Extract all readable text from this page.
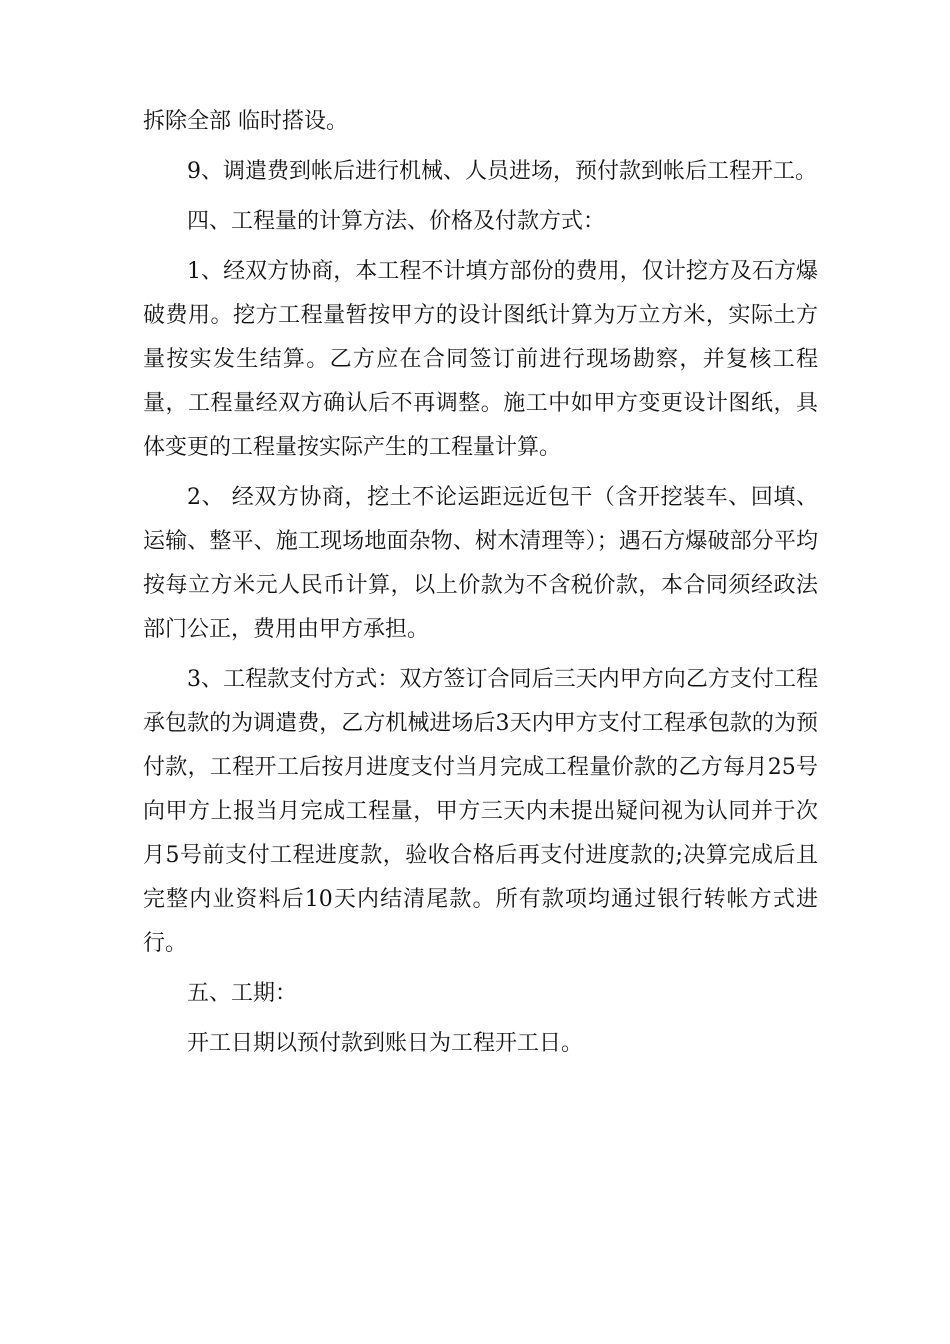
拆除全部 临时搭设。

9、调遣费到帐后进行机械、人员进场，预付款到帐后工程开工。

四、工程量的计算方法、价格及付款方式：

1、经双方协商，本工程不计填方部份的费用，仅计挖方及石方爆破费用。挖方工程量暂按甲方的设计图纸计算为万立方米，实际土方量按实发生结算。乙方应在合同签订前进行现场勘察，并复核工程量，工程量经双方确认后不再调整。施工中如甲方变更设计图纸，具体变更的工程量按实际产生的工程量计算。

2、 经双方协商，挖土不论运距远近包干（含开挖装车、回填、运输、整平、施工现场地面杂物、树木清理等）；遇石方爆破部分平均按每立方米元人民币计算，以上价款为不含税价款，本合同须经政法部门公正，费用由甲方承担。

3、工程款支付方式：双方签订合同后三天内甲方向乙方支付工程承包款的为调遣费，乙方机械进场后3天内甲方支付工程承包款的为预付款，工程开工后按月进度支付当月完成工程量价款的乙方每月25号向甲方上报当月完成工程量，甲方三天内未提出疑问视为认同并于次月5号前支付工程进度款，验收合格后再支付进度款的;决算完成后且完整内业资料后10天内结清尾款。所有款项均通过银行转帐方式进行。

五、工期：

开工日期以预付款到账日为工程开工日。
